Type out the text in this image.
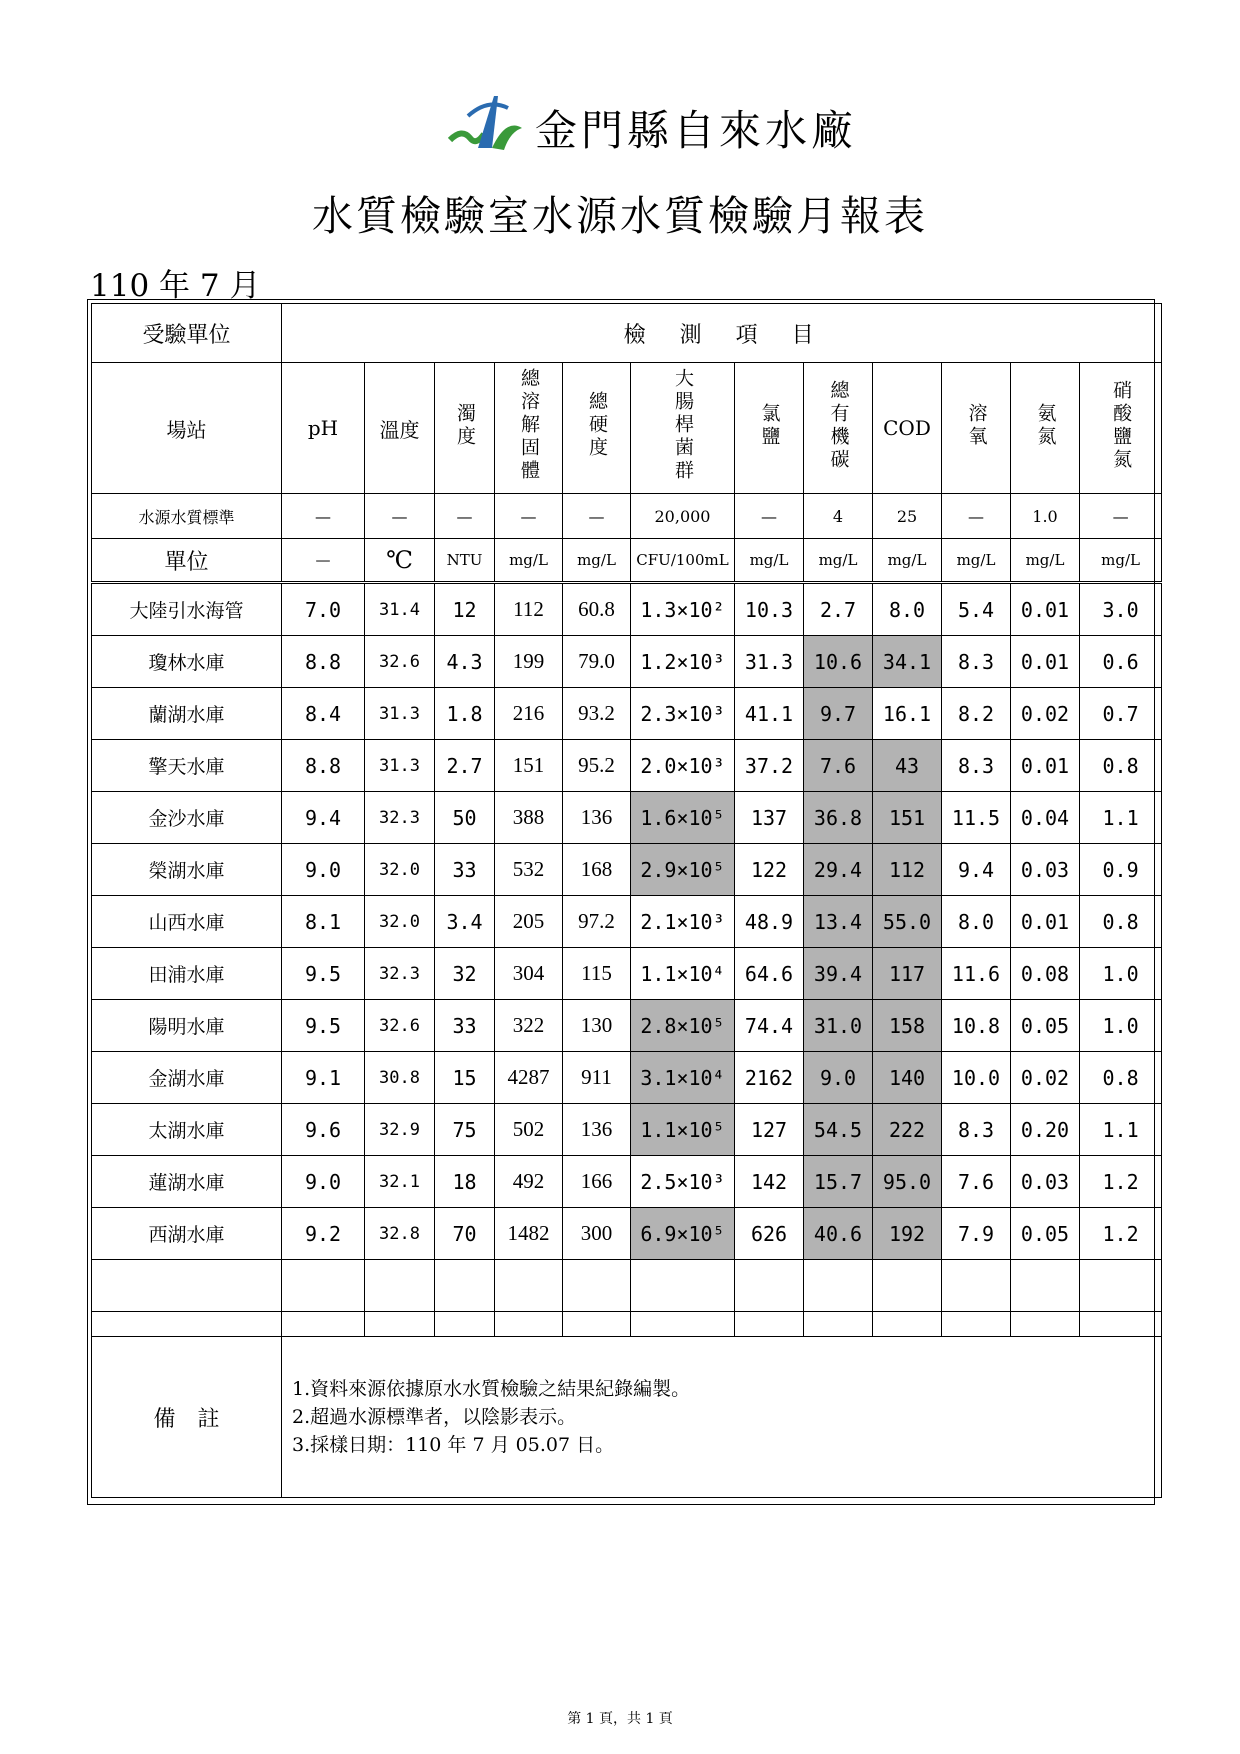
金門縣自來水廠
水質檢驗室水源水質檢驗月報表
110 年 7 月
受驗單位	檢　測　項　目											
場站	pH	溫度	濁度	總溶解固體	總硬度	大腸桿菌群	氯鹽	總有機碳	COD	溶氧	氨氮	硝酸鹽氮
水源水質標準	—	—	—	—	—	20,000	—	4	25	—	1.0	—
單位	—	℃	NTU	mg/L	mg/L	CFU/100mL	mg/L	mg/L	mg/L	mg/L	mg/L	mg/L
大陸引水海管	7.0	31.4	12	112	60.8	1.3×10²	10.3	2.7	8.0	5.4	0.01	3.0
瓊林水庫	8.8	32.6	4.3	199	79.0	1.2×10³	31.3	10.6	34.1	8.3	0.01	0.6
蘭湖水庫	8.4	31.3	1.8	216	93.2	2.3×10³	41.1	9.7	16.1	8.2	0.02	0.7
擎天水庫	8.8	31.3	2.7	151	95.2	2.0×10³	37.2	7.6	43	8.3	0.01	0.8
金沙水庫	9.4	32.3	50	388	136	1.6×10⁵	137	36.8	151	11.5	0.04	1.1
榮湖水庫	9.0	32.0	33	532	168	2.9×10⁵	122	29.4	112	9.4	0.03	0.9
山西水庫	8.1	32.0	3.4	205	97.2	2.1×10³	48.9	13.4	55.0	8.0	0.01	0.8
田浦水庫	9.5	32.3	32	304	115	1.1×10⁴	64.6	39.4	117	11.6	0.08	1.0
陽明水庫	9.5	32.6	33	322	130	2.8×10⁵	74.4	31.0	158	10.8	0.05	1.0
金湖水庫	9.1	30.8	15	4287	911	3.1×10⁴	2162	9.0	140	10.0	0.02	0.8
太湖水庫	9.6	32.9	75	502	136	1.1×10⁵	127	54.5	222	8.3	0.20	1.1
蓮湖水庫	9.0	32.1	18	492	166	2.5×10³	142	15.7	95.0	7.6	0.03	1.2
西湖水庫	9.2	32.8	70	1482	300	6.9×10⁵	626	40.6	192	7.9	0.05	1.2

備　註	1.資料來源依據原水水質檢驗之結果紀錄編製。
2.超過水源標準者，以陰影表示。
3.採樣日期：110 年 7 月 05.07 日。											
第 1 頁，共 1 頁
